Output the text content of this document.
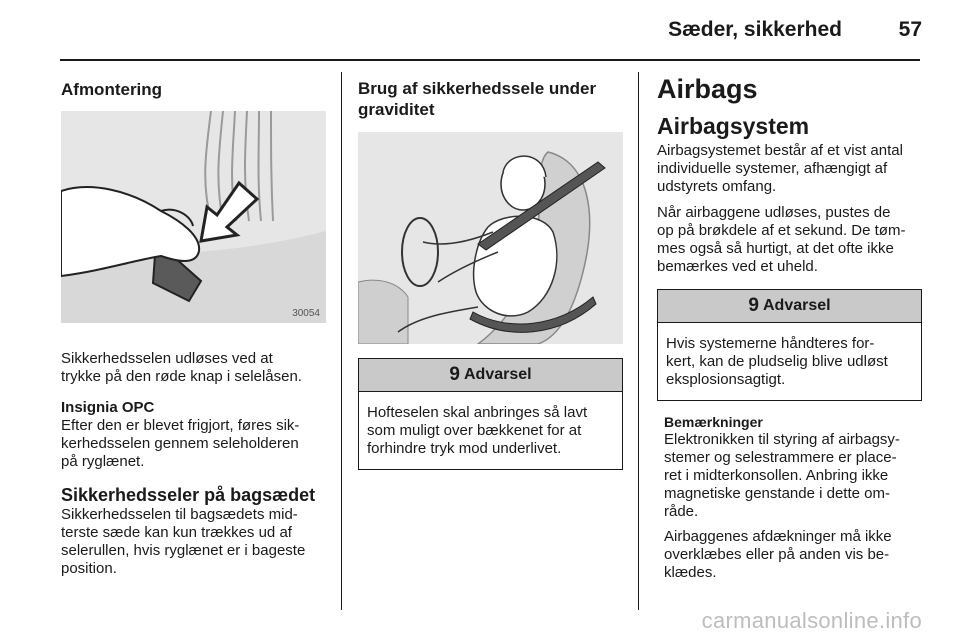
Sæder, sikkerhed	57
Afmontering
30054
Sikkerhedsselen udløses ved at
trykke på den røde knap i selelåsen.
Insignia OPC
Efter den er blevet frigjort, føres sik-
kerhedsselen gennem seleholderen
på ryglænet.
Sikkerhedsseler på bagsædet
Sikkerhedsselen til bagsædets mid-
terste sæde kan kun trækkes ud af
selerullen, hvis ryglænet er i bageste
position.
Brug af sikkerhedssele under
graviditet
9 Advarsel
Hofteselen skal anbringes så lavt
som muligt over bækkenet for at
forhindre tryk mod underlivet.
Airbags
Airbagsystem
Airbagsystemet består af et vist antal
individuelle systemer, afhængigt af
udstyrets omfang.
Når airbaggene udløses, pustes de
op på brøkdele af et sekund. De tøm-
mes også så hurtigt, at det ofte ikke
bemærkes ved et uheld.
9 Advarsel
Hvis systemerne håndteres for-
kert, kan de pludselig blive udløst
eksplosionsagtigt.
Bemærkninger
Elektronikken til styring af airbagsy-
stemer og selestrammere er place-
ret i midterkonsollen. Anbring ikke
magnetiske genstande i dette om-
råde.
Airbaggenes afdækninger må ikke
overklæbes eller på anden vis be-
klædes.
carmanualsonline.info
